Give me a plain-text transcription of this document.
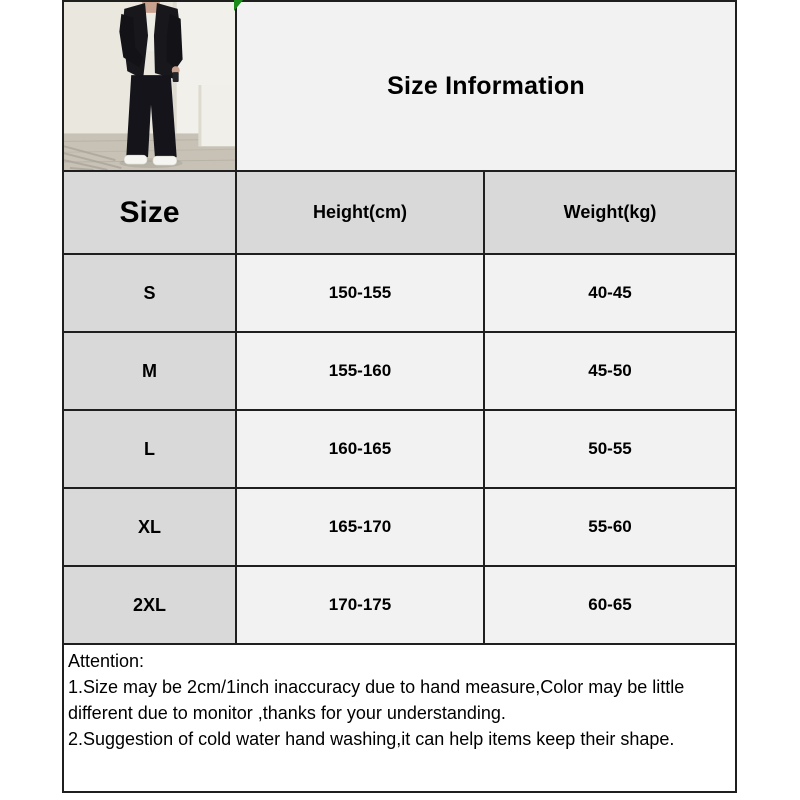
Size Information
Size	Height(cm)	Weight(kg)
S	150-155	40-45
M	155-160	45-50
L	160-165	50-55
XL	165-170	55-60
2XL	170-175	60-65

Attention:

1.Size may be 2cm/1inch inaccuracy due to hand measure,Color may be little different due to monitor ,thanks for your understanding.

2.Suggestion of cold water hand washing,it can help items keep their shape.
